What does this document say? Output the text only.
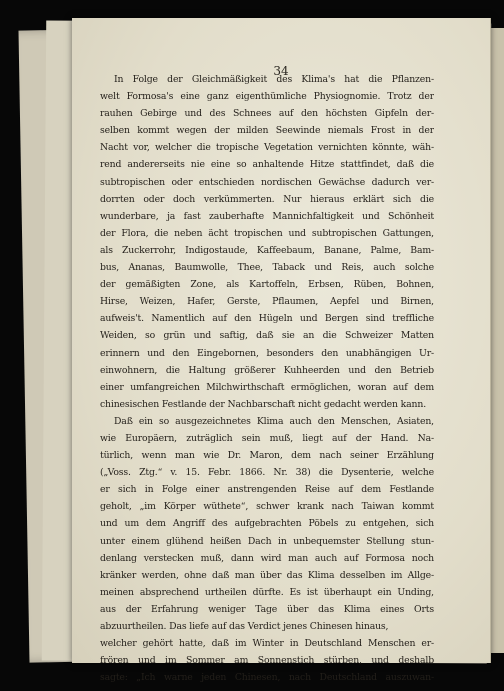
34
In Folge der Gleichmäßigkeit des Klima's hat die Pflanzen-
welt Formosa's eine ganz eigenthümliche Physiognomie. Trotz der
rauhen Gebirge und des Schnees auf den höchsten Gipfeln der-
selben kommt wegen der milden Seewinde niemals Frost in der
Nacht vor, welcher die tropische Vegetation vernichten könnte, wäh-
rend andererseits nie eine so anhaltende Hitze stattfindet, daß die
subtropischen oder entschieden nordischen Gewächse dadurch ver-
dorrten oder doch verkümmerten. Nur hieraus erklärt sich die
wunderbare, ja fast zauberhafte Mannichfaltigkeit und Schönheit
der Flora, die neben ächt tropischen und subtropischen Gattungen,
als Zuckerrohr, Indigostaude, Kaffeebaum, Banane, Palme, Bam-
bus, Ananas, Baumwolle, Thee, Taback und Reis, auch solche
der gemäßigten Zone, als Kartoffeln, Erbsen, Rüben, Bohnen,
Hirse, Weizen, Hafer, Gerste, Pflaumen, Aepfel und Birnen,
aufweis't. Namentlich auf den Hügeln und Bergen sind treffliche
Weiden, so grün und saftig, daß sie an die Schweizer Matten
erinnern und den Eingebornen, besonders den unabhängigen Ur-
einwohnern, die Haltung größerer Kuhheerden und den Betrieb
einer umfangreichen Milchwirthschaft ermöglichen, woran auf dem
chinesischen Festlande der Nachbarschaft nicht gedacht werden kann.
Daß ein so ausgezeichnetes Klima auch den Menschen, Asiaten,
wie Europäern, zuträglich sein muß, liegt auf der Hand. Na-
türlich, wenn man wie Dr. Maron, dem nach seiner Erzählung
(„Voss. Ztg.“ v. 15. Febr. 1866. Nr. 38) die Dysenterie, welche
er sich in Folge einer anstrengenden Reise auf dem Festlande
geholt, „im Körper wüthete“, schwer krank nach Taiwan kommt
und um dem Angriff des aufgebrachten Pöbels zu entgehen, sich
unter einem glühend heißen Dach in unbequemster Stellung stun-
denlang verstecken muß, dann wird man auch auf Formosa noch
kränker werden, ohne daß man über das Klima desselben im Allge-
meinen absprechend urtheilen dürfte. Es ist überhaupt ein Unding,
aus der Erfahrung weniger Tage über das Klima eines Orts
abzuurtheilen. Das liefe auf das Verdict jenes Chinesen hinaus,
welcher gehört hatte, daß im Winter in Deutschland Menschen er-
frören und im Sommer am Sonnenstich stürben, und deshalb
sagte: „Ich warne jeden Chinesen, nach Deutschland auszuwan-
